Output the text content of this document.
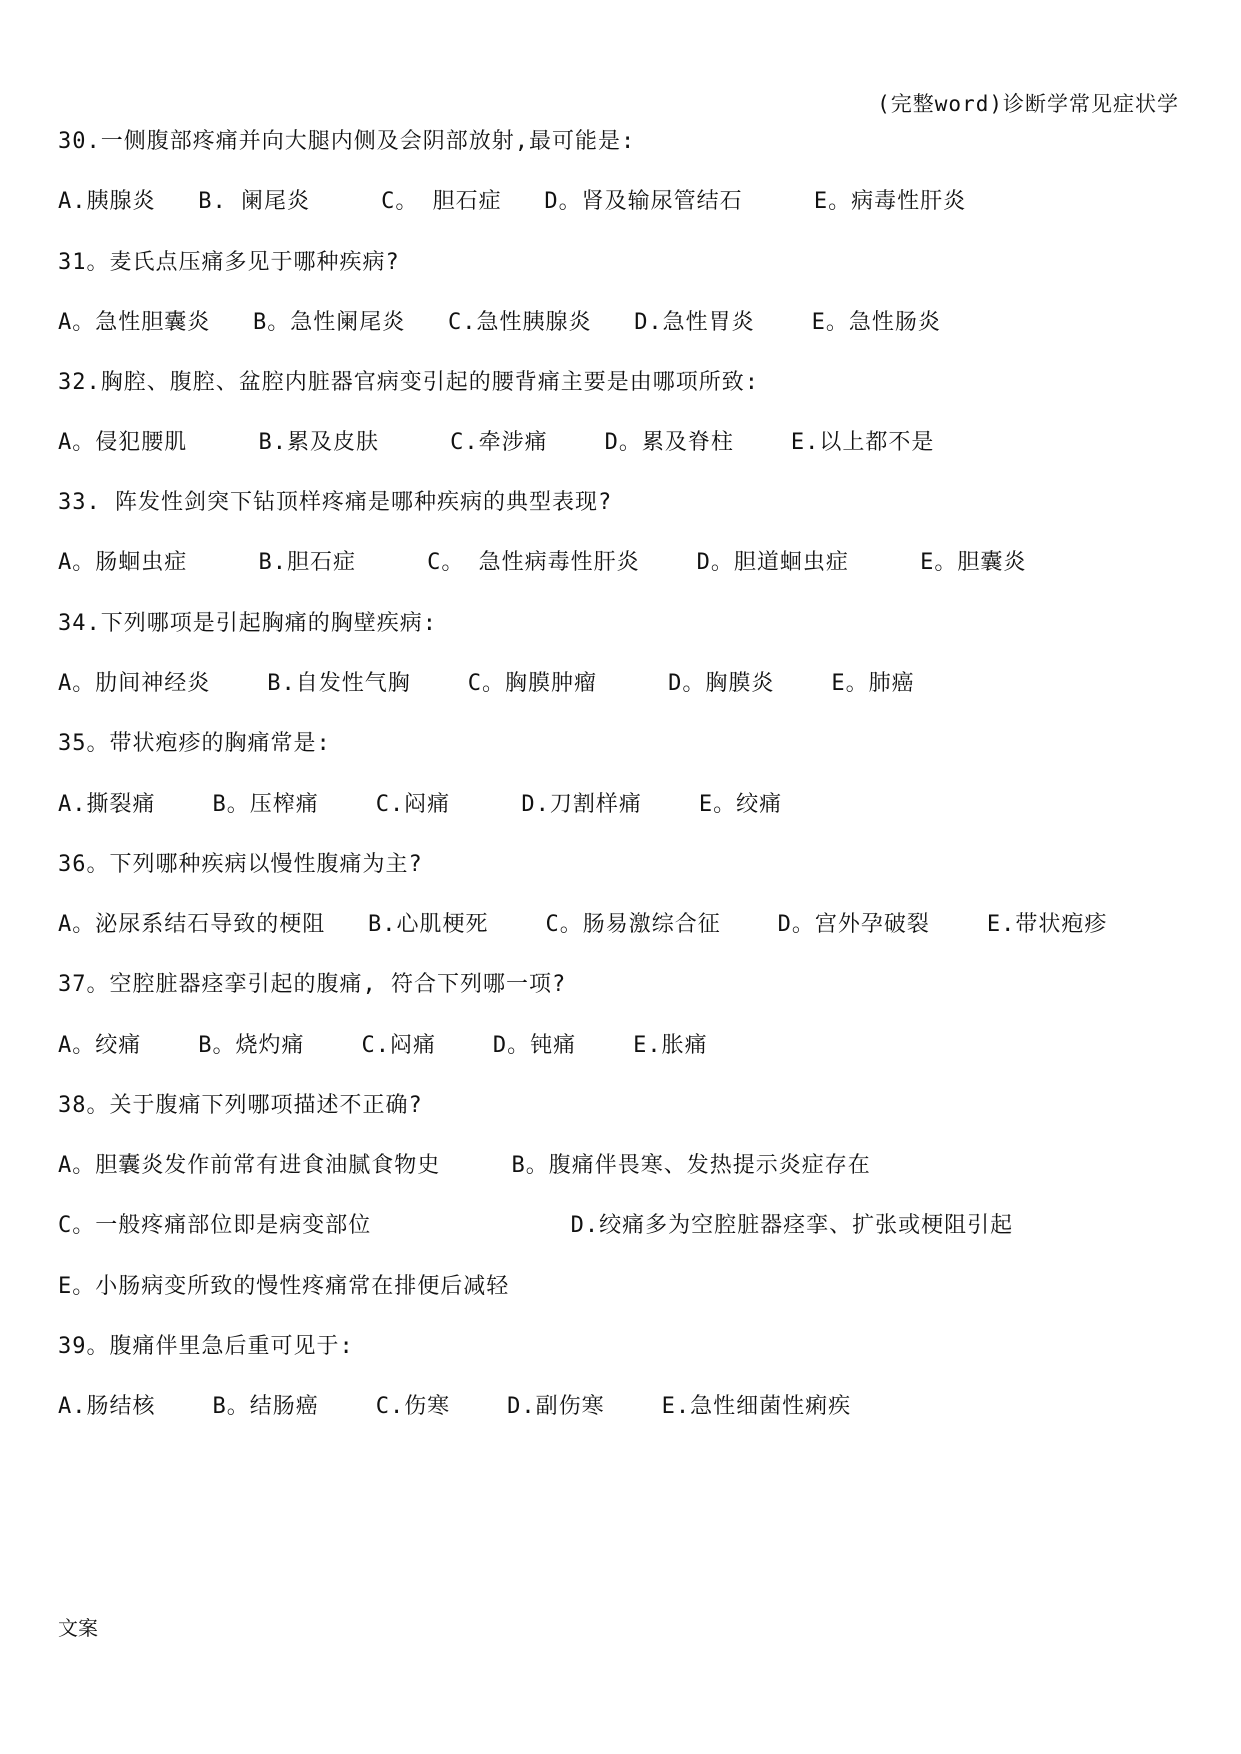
(完整word)诊断学常见症状学
30.一侧腹部疼痛并向大腿内侧及会阴部放射,最可能是:
A.胰腺炎   B. 阑尾炎     C。 胆石症   D。肾及输尿管结石     E。病毒性肝炎
31。麦氏点压痛多见于哪种疾病?
A。急性胆囊炎   B。急性阑尾炎   C.急性胰腺炎   D.急性胃炎    E。急性肠炎
32.胸腔、腹腔、盆腔内脏器官病变引起的腰背痛主要是由哪项所致:
A。侵犯腰肌     B.累及皮肤     C.牵涉痛    D。累及脊柱    E.以上都不是
33. 阵发性剑突下钻顶样疼痛是哪种疾病的典型表现?
A。肠蛔虫症     B.胆石症     C。 急性病毒性肝炎    D。胆道蛔虫症     E。胆囊炎
34.下列哪项是引起胸痛的胸壁疾病:
A。肋间神经炎    B.自发性气胸    C。胸膜肿瘤     D。胸膜炎    E。肺癌
35。带状疱疹的胸痛常是:
A.撕裂痛    B。压榨痛    C.闷痛     D.刀割样痛    E。绞痛
36。下列哪种疾病以慢性腹痛为主?
A。泌尿系结石导致的梗阻   B.心肌梗死    C。肠易激综合征    D。宫外孕破裂    E.带状疱疹
37。空腔脏器痉挛引起的腹痛, 符合下列哪一项?
A。绞痛    B。烧灼痛    C.闷痛    D。钝痛    E.胀痛
38。关于腹痛下列哪项描述不正确?
A。胆囊炎发作前常有进食油腻食物史     B。腹痛伴畏寒、发热提示炎症存在
C。一般疼痛部位即是病变部位              D.绞痛多为空腔脏器痉挛、扩张或梗阻引起
E。小肠病变所致的慢性疼痛常在排便后减轻
39。腹痛伴里急后重可见于:
A.肠结核    B。结肠癌    C.伤寒    D.副伤寒    E.急性细菌性痢疾
文案
